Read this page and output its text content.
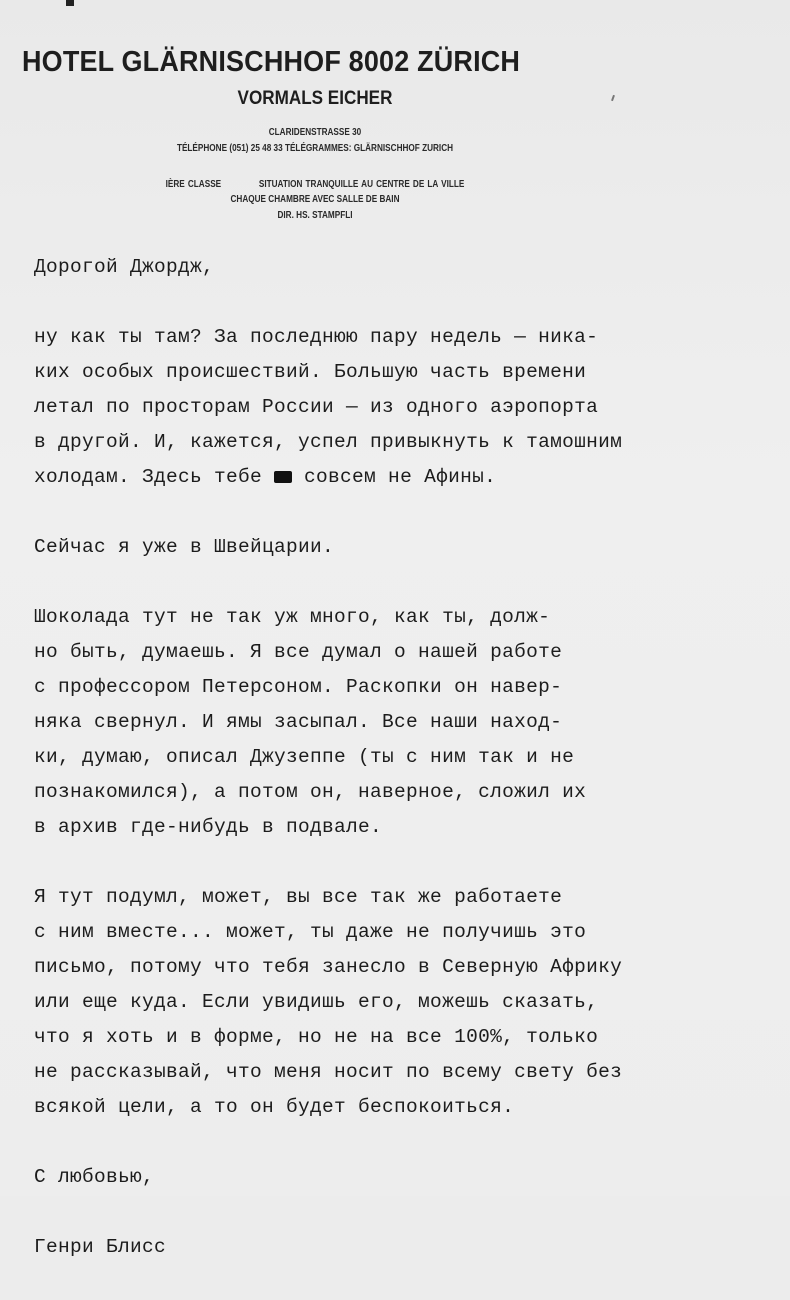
HOTEL GLÄRNISCHHOF 8002 ZÜRICH
VORMALS EICHER
CLARIDENSTRASSE 30
TÉLÉPHONE (051) 25 48 33 TÉLÉGRAMMES: GLÄRNISCHHOF ZURICH
IÈRE CLASSE	SITUATION TRANQUILLE AU CENTRE DE LA VILLE
CHAQUE CHAMBRE AVEC SALLE DE BAIN
DIR. HS. STAMPFLI
Дорогой Джордж,
ну как ты там? За последнюю пару недель — ника-
ких особых происшествий. Большую часть времени
летал по просторам России — из одного аэропорта
в другой. И, кажется, успел привыкнуть к тамошним
холодам. Здесь тебе  совсем не Афины.
Сейчас я уже в Швейцарии.
Шоколада тут не так уж много, как ты, долж-
но быть, думаешь. Я все думал о нашей работе
с профессором Петерсоном. Раскопки он навер-
няка свернул. И ямы засыпал. Все наши наход-
ки, думаю, описал Джузеппе (ты с ним так и не
познакомился), а потом он, наверное, сложил их
в архив где-нибудь в подвале.
Я тут подумл, может, вы все так же работаете
с ним вместе... может, ты даже не получишь это
письмо, потому что тебя занесло в Северную Африку
или еще куда. Если увидишь его, можешь сказать,
что я хоть и в форме, но не на все 100%, только
не рассказывай, что меня носит по всему свету без
всякой цели, а то он будет беспокоиться.
С любовью,
Генри Блисс
